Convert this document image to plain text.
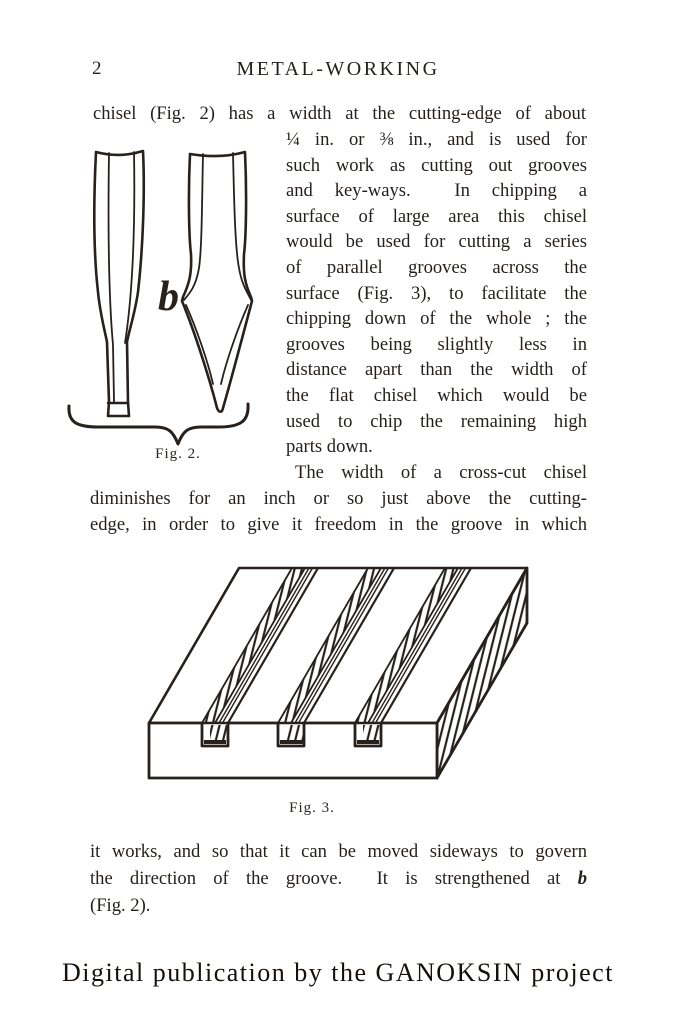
2	METAL-WORKING
chisel (Fig. 2) has a width at the cutting-edge of about
b
Fig. 2.
¼ in. or ⅜ in., and is used for
such work as cutting out grooves
and key-ways.  In chipping a
surface of large area this chisel
would be used for cutting a series
of parallel grooves across the
surface (Fig. 3), to facilitate the
chipping down of the whole ; the
grooves being slightly less in
distance apart than the width of
the flat chisel which would be
used to chip the remaining high
parts down.
The width of a cross-cut chisel
diminishes for an inch or so just above the cutting-
edge, in order to give it freedom in the groove in which
Fig. 3.
it works, and so that it can be moved sideways to govern
the direction of the groove.  It is strengthened at b
(Fig. 2).
Digital publication by the GANOKSIN project
